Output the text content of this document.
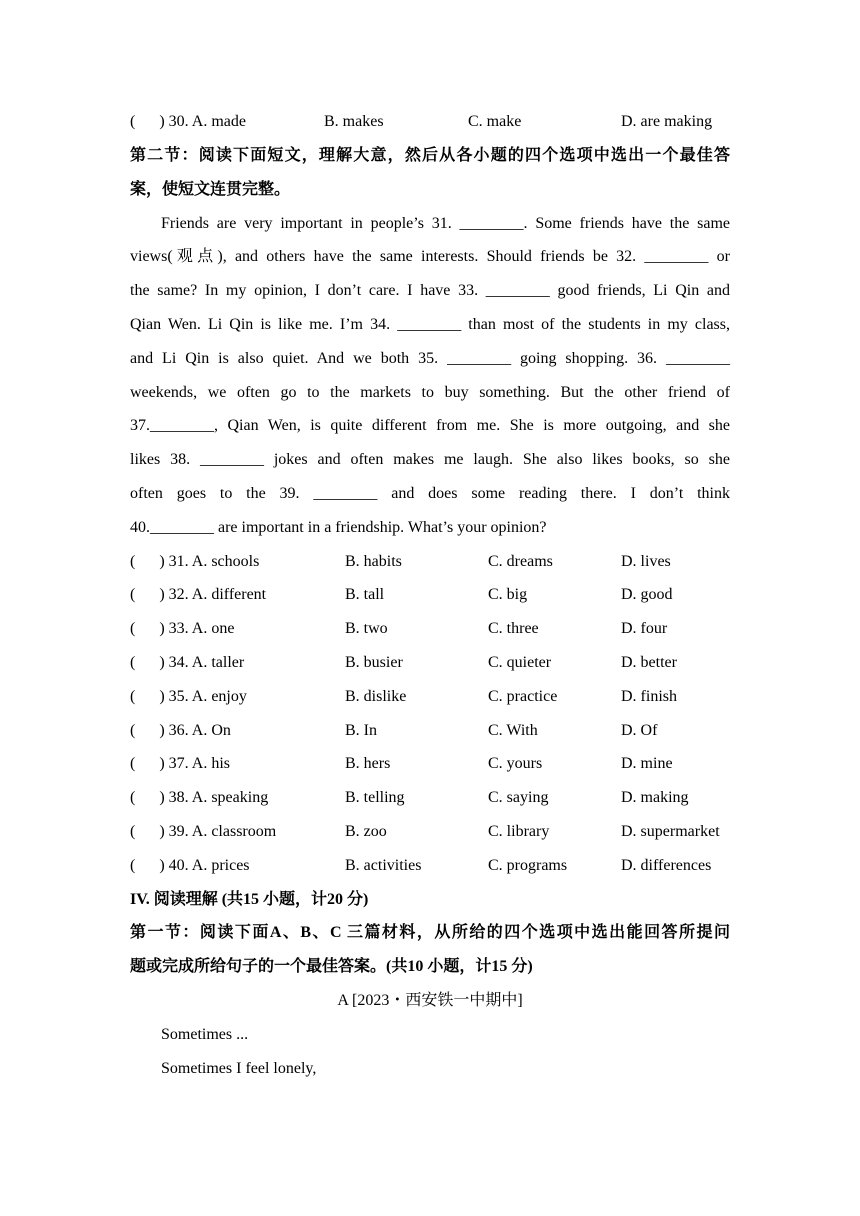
(      ) 30. A. made	B. makes	C. make	D. are making
第二节：阅读下面短文，理解大意，然后从各小题的四个选项中选出一个最佳答
案，使短文连贯完整。
Friends are very important in people’s 31. ________. Some friends have the same
views(观点), and others have the same interests. Should friends be 32. ________ or
the same? In my opinion, I don’t care. I have 33. ________ good friends, Li Qin and
Qian Wen. Li Qin is like me. I’m 34. ________ than most of the students in my class,
and Li Qin is also quiet. And we both 35. ________ going shopping. 36. ________
weekends, we often go to the markets to buy something. But the other friend of
37.________, Qian Wen, is quite different from me. She is more outgoing, and she
likes 38. ________ jokes and often makes me laugh. She also likes books, so she
often goes to the 39. ________ and does some reading there. I don’t think
40.________ are important in a friendship. What’s your opinion?
(      ) 31. A. schools	B. habits	C. dreams	D. lives
(      ) 32. A. different	B. tall	C. big	D. good
(      ) 33. A. one	B. two	C. three	D. four
(      ) 34. A. taller	B. busier	C. quieter	D. better
(      ) 35. A. enjoy	B. dislike	C. practice	D. finish
(      ) 36. A. On	B. In	C. With	D. Of
(      ) 37. A. his	B. hers	C. yours	D. mine
(      ) 38. A. speaking	B. telling	C. saying	D. making
(      ) 39. A. classroom	B. zoo	C. library	D. supermarket
(      ) 40. A. prices	B. activities	C. programs	D. differences
IV. 阅读理解 (共15 小题，计20 分)
第一节：阅读下面A、B、C 三篇材料，从所给的四个选项中选出能回答所提问
题或完成所给句子的一个最佳答案。(共10 小题，计15 分)
A [2023・西安铁一中期中]
Sometimes ...
Sometimes I feel lonely,
